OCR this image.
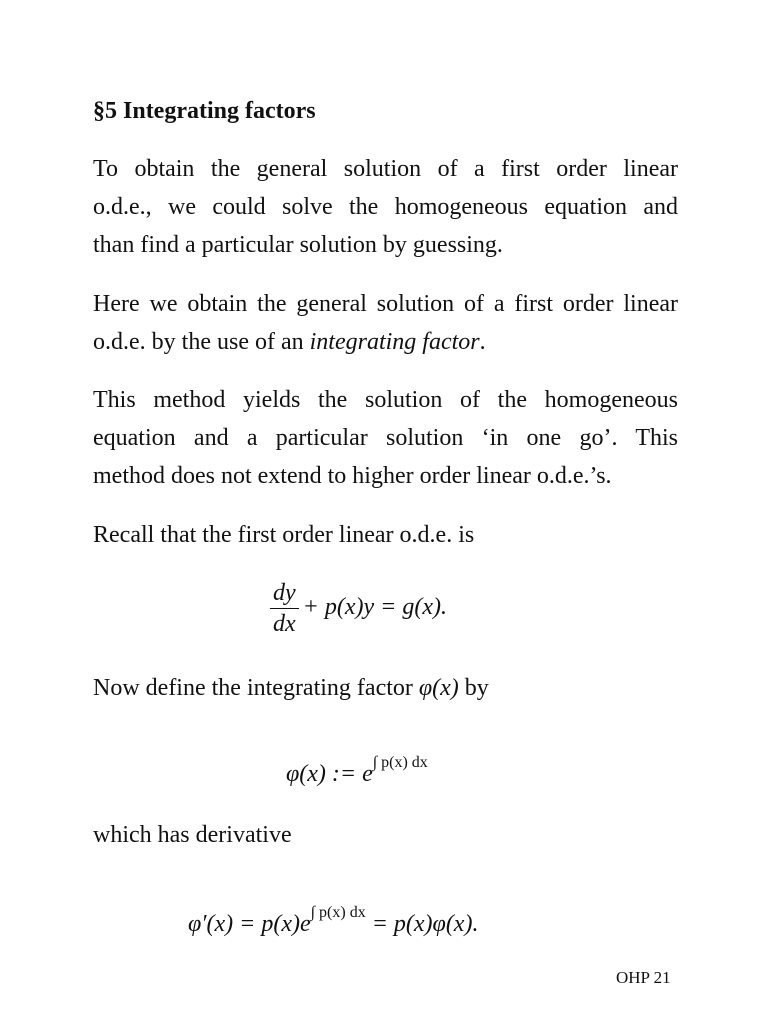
§5 Integrating factors
To obtain the general solution of a first order linear
o.d.e., we could solve the homogeneous equation and
than find a particular solution by guessing.
Here we obtain the general solution of a first order linear
o.d.e. by the use of an integrating factor.
This method yields the solution of the homogeneous
equation and a particular solution ‘in one go’. This
method does not extend to higher order linear o.d.e.’s.
Recall that the first order linear o.d.e. is
$\frac{dy}{dx} + p(x)y = g(x)$.
Now define the integrating factor φ(x) by
φ(x) := $e^{\int p(x) dx}$
which has derivative
$\varphi'(x) = p(x)e^{\int p(x) dx} = p(x)\varphi(x)$.
OHP 21
